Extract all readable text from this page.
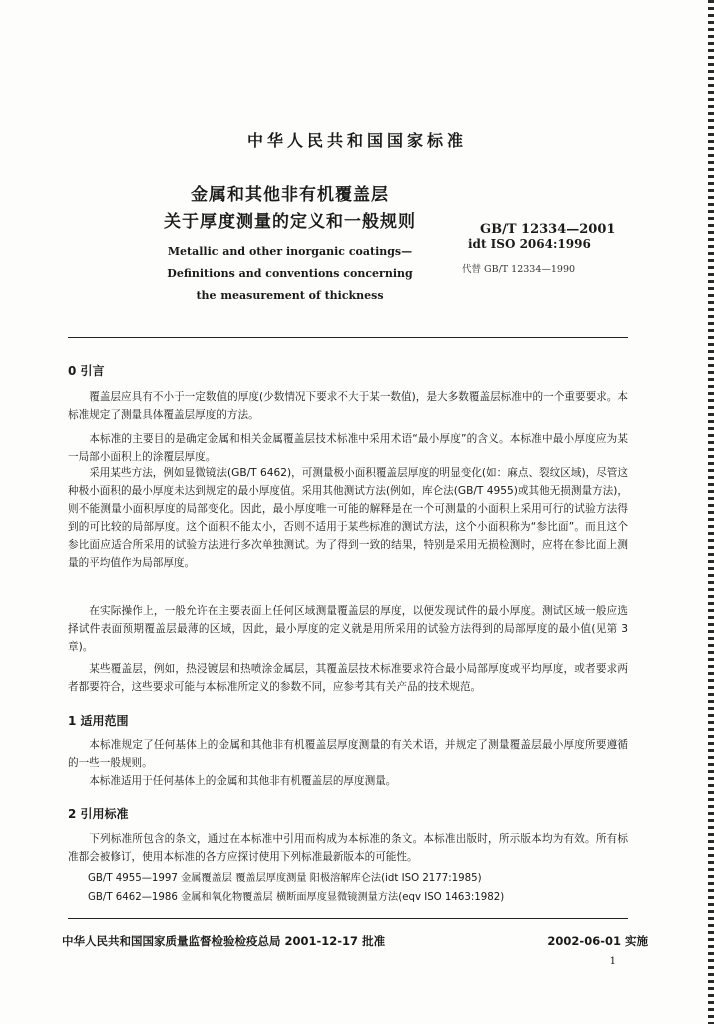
中华人民共和国国家标准
金属和其他非有机覆盖层
关于厚度测量的定义和一般规则
Metallic and other inorganic coatings—
Definitions and conventions concerning
the measurement of thickness
GB/T 12334—2001
idt ISO 2064:1996
代替 GB/T 12334—1990
0 引言
覆盖层应具有不小于一定数值的厚度(少数情况下要求不大于某一数值)，是大多数覆盖层标准中的一个重要要求。本标准规定了测量具体覆盖层厚度的方法。
本标准的主要目的是确定金属和相关金属覆盖层技术标准中采用术语“最小厚度”的含义。本标准中最小厚度应为某一局部小面积上的涂覆层厚度。
采用某些方法，例如显微镜法(GB/T 6462)，可测量极小面积覆盖层厚度的明显变化(如：麻点、裂纹区域)，尽管这种极小面积的最小厚度未达到规定的最小厚度值。采用其他测试方法(例如，库仑法(GB/T 4955)或其他无损测量方法)，则不能测量小面积厚度的局部变化。因此，最小厚度唯一可能的解释是在一个可测量的小面积上采用可行的试验方法得到的可比较的局部厚度。这个面积不能太小，否则不适用于某些标准的测试方法，这个小面积称为“参比面”。而且这个参比面应适合所采用的试验方法进行多次单独测试。为了得到一致的结果，特别是采用无损检测时，应将在参比面上测量的平均值作为局部厚度。
在实际操作上，一般允许在主要表面上任何区域测量覆盖层的厚度，以便发现试件的最小厚度。测试区域一般应选择试件表面预期覆盖层最薄的区域，因此，最小厚度的定义就是用所采用的试验方法得到的局部厚度的最小值(见第 3 章)。
某些覆盖层，例如，热浸镀层和热喷涂金属层，其覆盖层技术标准要求符合最小局部厚度或平均厚度，或者要求两者都要符合，这些要求可能与本标准所定义的参数不同，应参考其有关产品的技术规范。
1 适用范围
本标准规定了任何基体上的金属和其他非有机覆盖层厚度测量的有关术语，并规定了测量覆盖层最小厚度所要遵循的一些一般规则。
本标准适用于任何基体上的金属和其他非有机覆盖层的厚度测量。
2 引用标准
下列标准所包含的条文，通过在本标准中引用而构成为本标准的条文。本标准出版时，所示版本均为有效。所有标准都会被修订，使用本标准的各方应探讨使用下列标准最新版本的可能性。
GB/T 4955—1997 金属覆盖层 覆盖层厚度测量 阳极溶解库仑法(idt ISO 2177:1985)
GB/T 6462—1986 金属和氧化物覆盖层 横断面厚度显微镜测量方法(eqv ISO 1463:1982)
中华人民共和国国家质量监督检验检疫总局 2001-12-17 批准	2002-06-01 实施
1
